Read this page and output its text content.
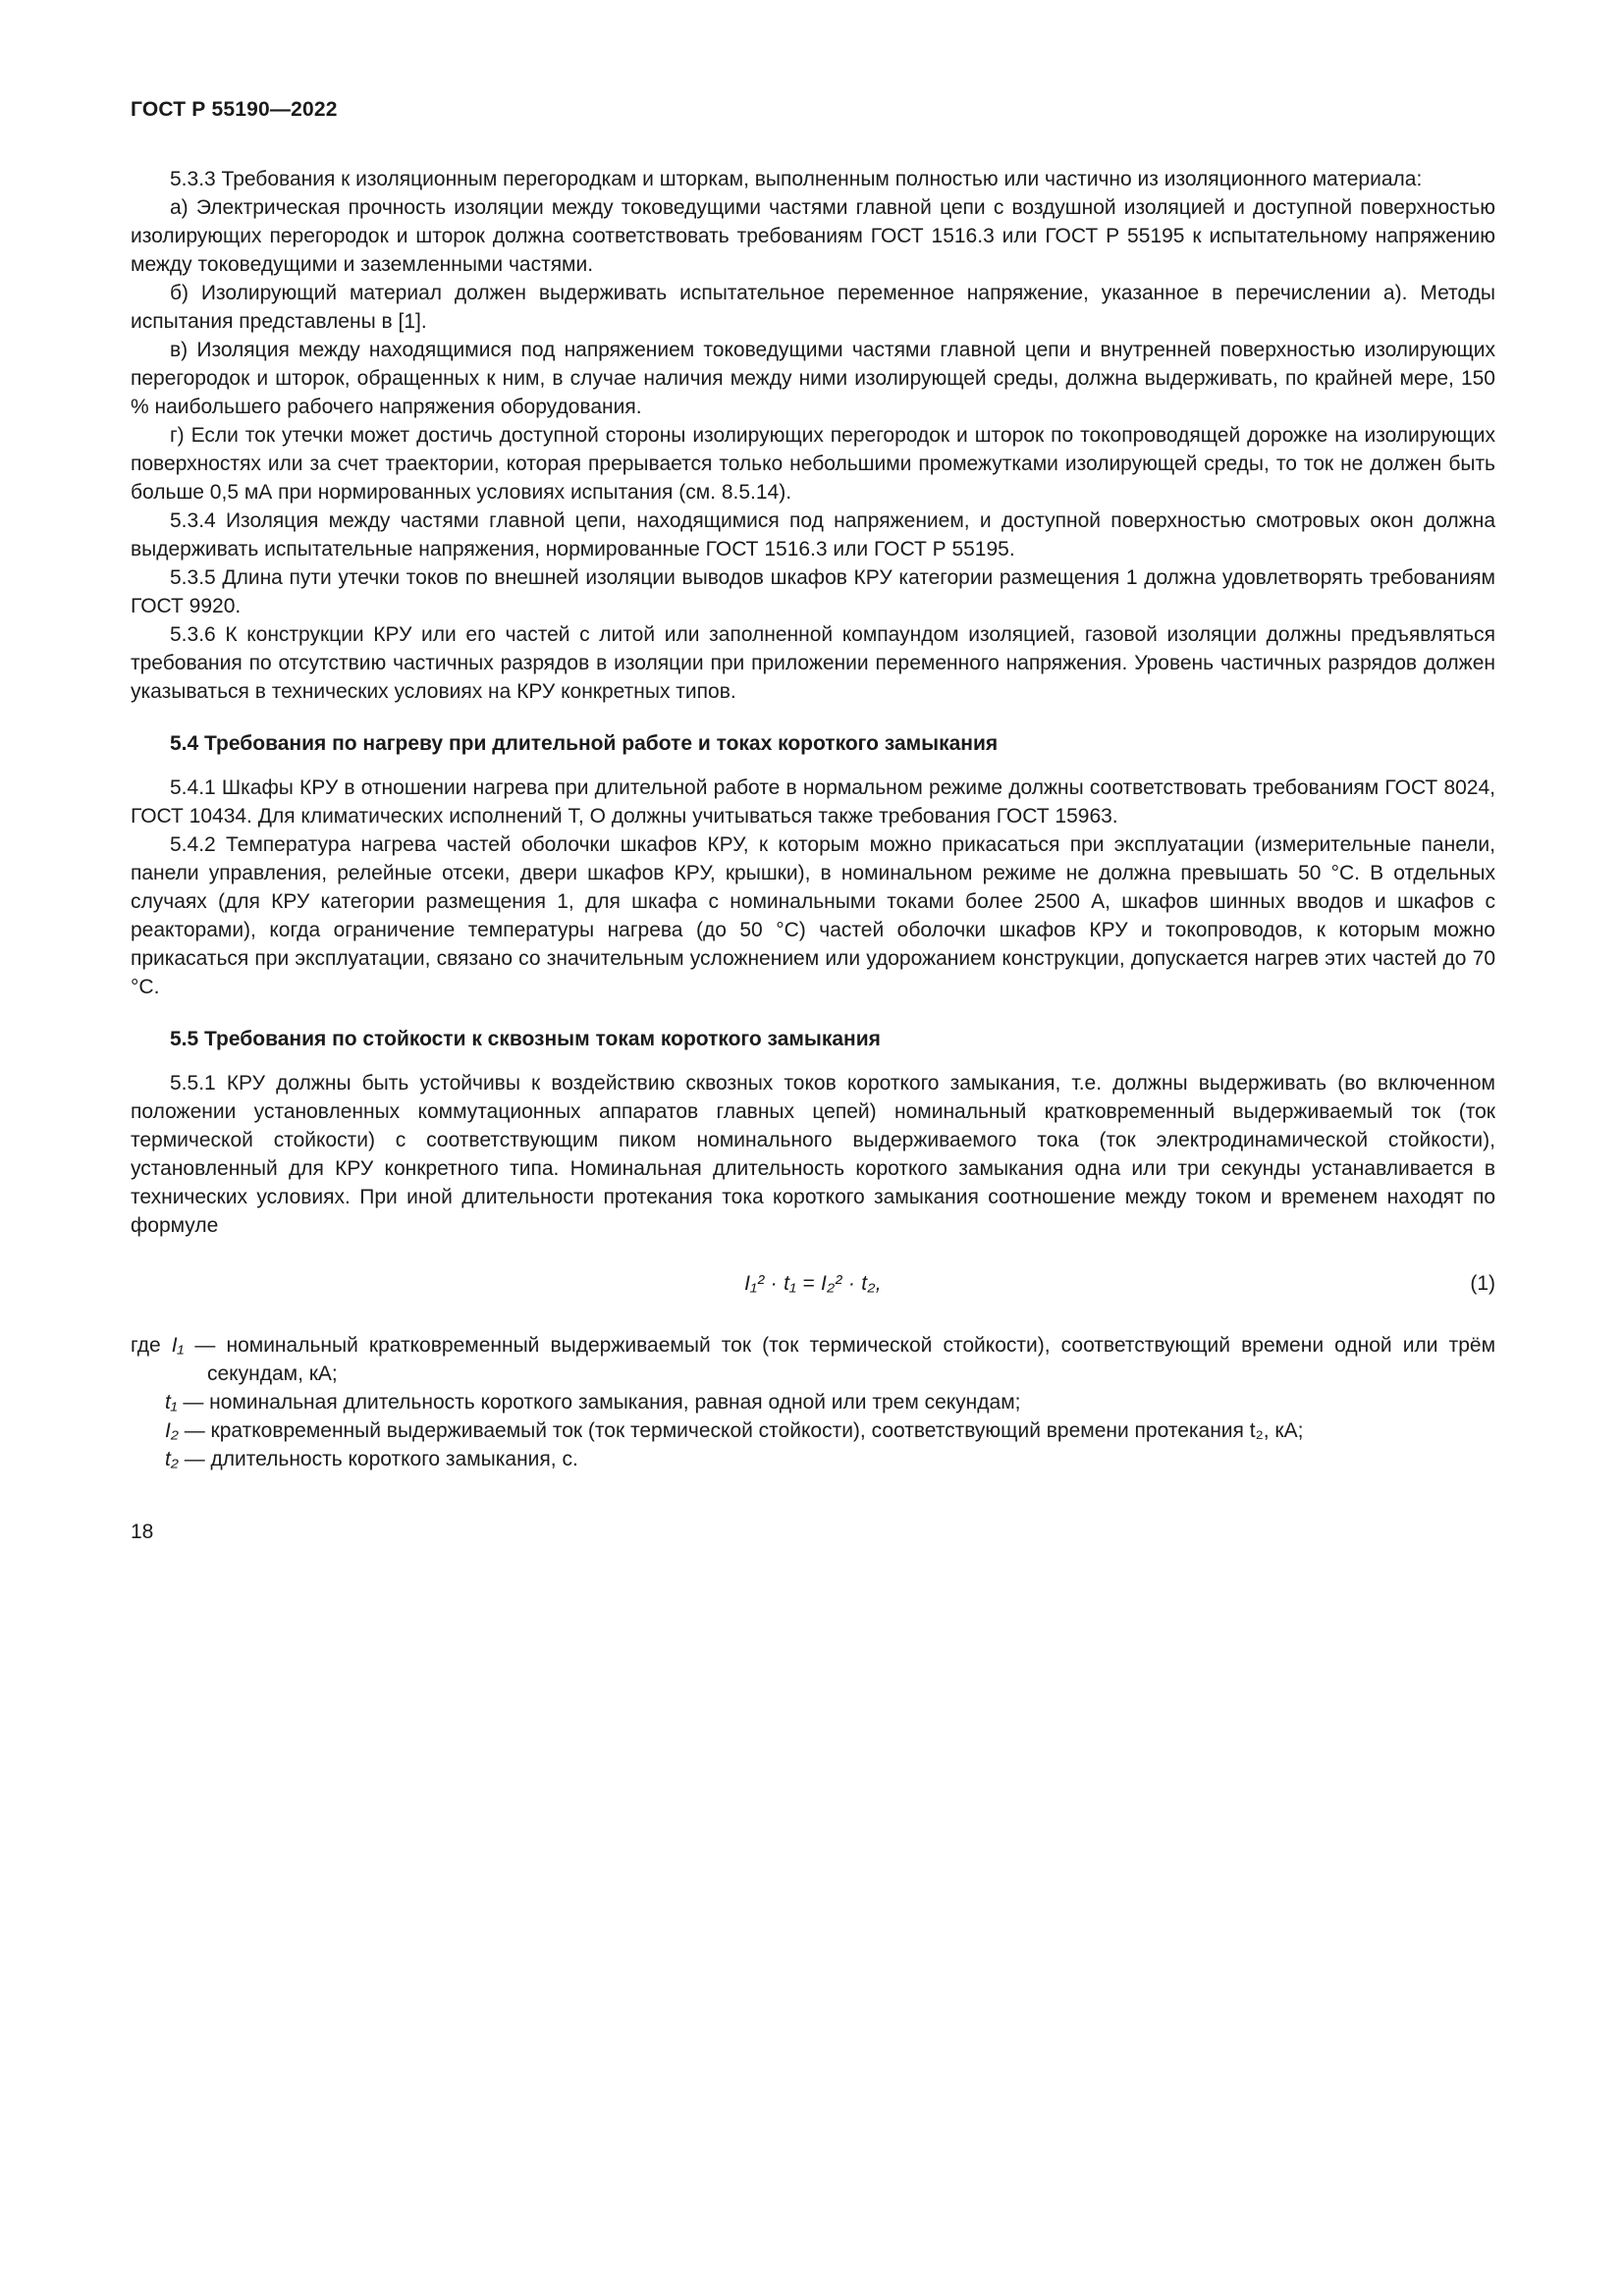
ГОСТ Р 55190—2022

5.3.3 Требования к изоляционным перегородкам и шторкам, выполненным полностью или частично из изоляционного материала:

а) Электрическая прочность изоляции между токоведущими частями главной цепи с воздушной изоляцией и доступной поверхностью изолирующих перегородок и шторок должна соответствовать требованиям ГОСТ 1516.3 или ГОСТ Р 55195 к испытательному напряжению между токоведущими и заземленными частями.

б) Изолирующий материал должен выдерживать испытательное переменное напряжение, указанное в перечислении а). Методы испытания представлены в [1].

в) Изоляция между находящимися под напряжением токоведущими частями главной цепи и внутренней поверхностью изолирующих перегородок и шторок, обращенных к ним, в случае наличия между ними изолирующей среды, должна выдерживать, по крайней мере, 150 % наибольшего рабочего напряжения оборудования.

г) Если ток утечки может достичь доступной стороны изолирующих перегородок и шторок по токопроводящей дорожке на изолирующих поверхностях или за счет траектории, которая прерывается только небольшими промежутками изолирующей среды, то ток не должен быть больше 0,5 мА при нормированных условиях испытания (см. 8.5.14).

5.3.4 Изоляция между частями главной цепи, находящимися под напряжением, и доступной поверхностью смотровых окон должна выдерживать испытательные напряжения, нормированные ГОСТ 1516.3 или ГОСТ Р 55195.

5.3.5 Длина пути утечки токов по внешней изоляции выводов шкафов КРУ категории размещения 1 должна удовлетворять требованиям ГОСТ 9920.

5.3.6 К конструкции КРУ или его частей с литой или заполненной компаундом изоляцией, газовой изоляции должны предъявляться требования по отсутствию частичных разрядов в изоляции при приложении переменного напряжения. Уровень частичных разрядов должен указываться в технических условиях на КРУ конкретных типов.

5.4 Требования по нагреву при длительной работе и токах короткого замыкания

5.4.1 Шкафы КРУ в отношении нагрева при длительной работе в нормальном режиме должны соответствовать требованиям ГОСТ 8024, ГОСТ 10434. Для климатических исполнений Т, О должны учитываться также требования ГОСТ 15963.

5.4.2 Температура нагрева частей оболочки шкафов КРУ, к которым можно прикасаться при эксплуатации (измерительные панели, панели управления, релейные отсеки, двери шкафов КРУ, крышки), в номинальном режиме не должна превышать 50 °С. В отдельных случаях (для КРУ категории размещения 1, для шкафа с номинальными токами более 2500 А, шкафов шинных вводов и шкафов с реакторами), когда ограничение температуры нагрева (до 50 °С) частей оболочки шкафов КРУ и токопроводов, к которым можно прикасаться при эксплуатации, связано со значительным усложнением или удорожанием конструкции, допускается нагрев этих частей до 70 °С.

5.5 Требования по стойкости к сквозным токам короткого замыкания

5.5.1 КРУ должны быть устойчивы к воздействию сквозных токов короткого замыкания, т.е. должны выдерживать (во включенном положении установленных коммутационных аппаратов главных цепей) номинальный кратковременный выдерживаемый ток (ток термической стойкости) с соответствующим пиком номинального выдерживаемого тока (ток электродинамической стойкости), установленный для КРУ конкретного типа. Номинальная длительность короткого замыкания одна или три секунды устанавливается в технических условиях. При иной длительности протекания тока короткого замыкания соотношение между током и временем находят по формуле

I₁² · t₁ = I₂² · t₂,	(1)

где I₁ — номинальный кратковременный выдерживаемый ток (ток термической стойкости), соответствующий времени одной или трём секундам, кА;

t₁ — номинальная длительность короткого замыкания, равная одной или трем секундам;

I₂ — кратковременный выдерживаемый ток (ток термической стойкости), соответствующий времени протекания t₂, кА;

t₂ — длительность короткого замыкания, с.

18
